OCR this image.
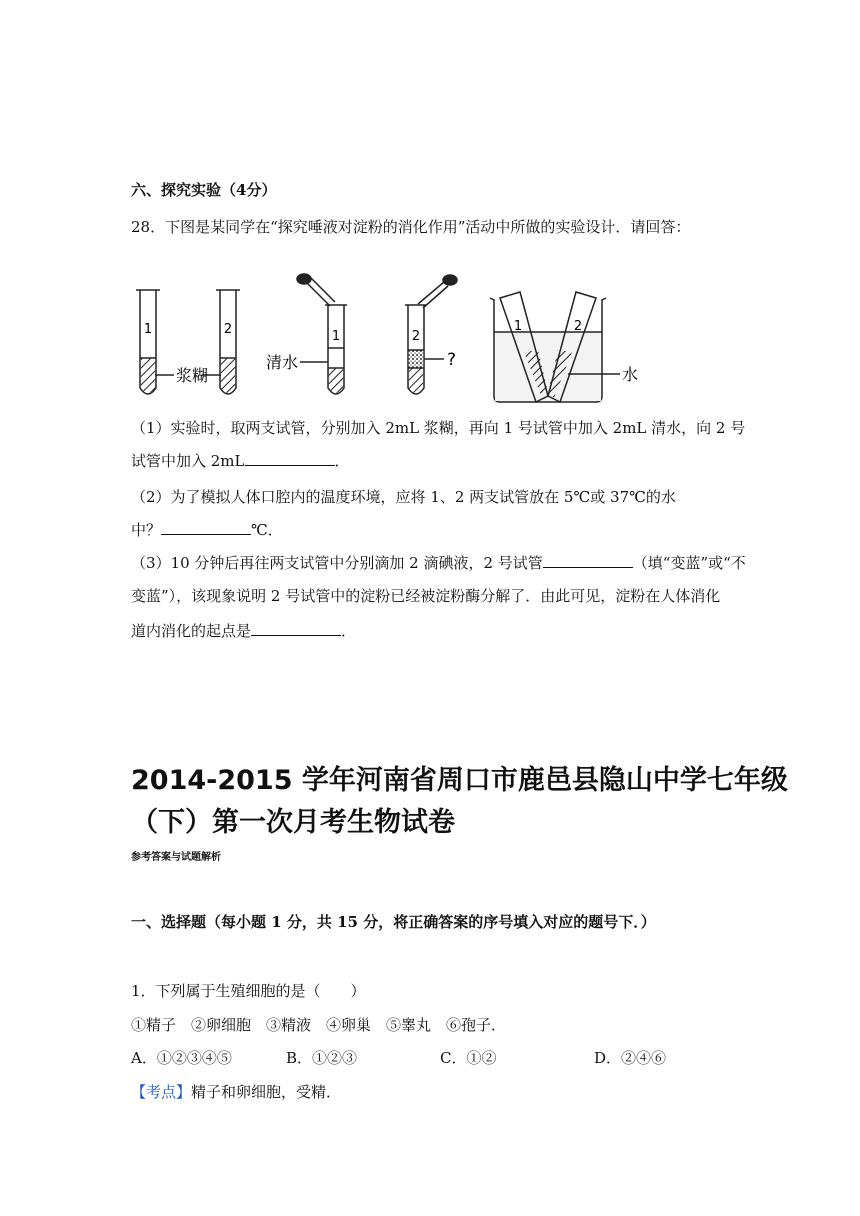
六、探究实验（4分）
28．下图是某同学在“探究唾液对淀粉的消化作用”活动中所做的实验设计．请回答：
1	2	1	2
1	2
浆糊
清水	?
水
（1）实验时，取两支试管，分别加入 2mL 浆糊，再向 1 号试管中加入 2mL 清水，向 2 号
试管中加入 2mL	．
（2）为了模拟人体口腔内的温度环境，应将 1、2 两支试管放在 5℃或 37℃的水
中？	℃．
（3）10 分钟后再往两支试管中分别滴加 2 滴碘液，2 号试管	（填“变蓝”或“不
变蓝”），该现象说明 2 号试管中的淀粉已经被淀粉酶分解了．由此可见，淀粉在人体消化
道内消化的起点是	．
2014-2015 学年河南省周口市鹿邑县隐山中学七年级
（下）第一次月考生物试卷
参考答案与试题解析
一、选择题（每小题 1 分，共 15 分，将正确答案的序号填入对应的题号下．）
1．下列属于生殖细胞的是（　　）
①精子　②卵细胞　③精液　④卵巢　⑤睾丸　⑥孢子．
A．①②③④⑤	B．①②③	C．①②	D．②④⑥
【考点】精子和卵细胞，受精．
